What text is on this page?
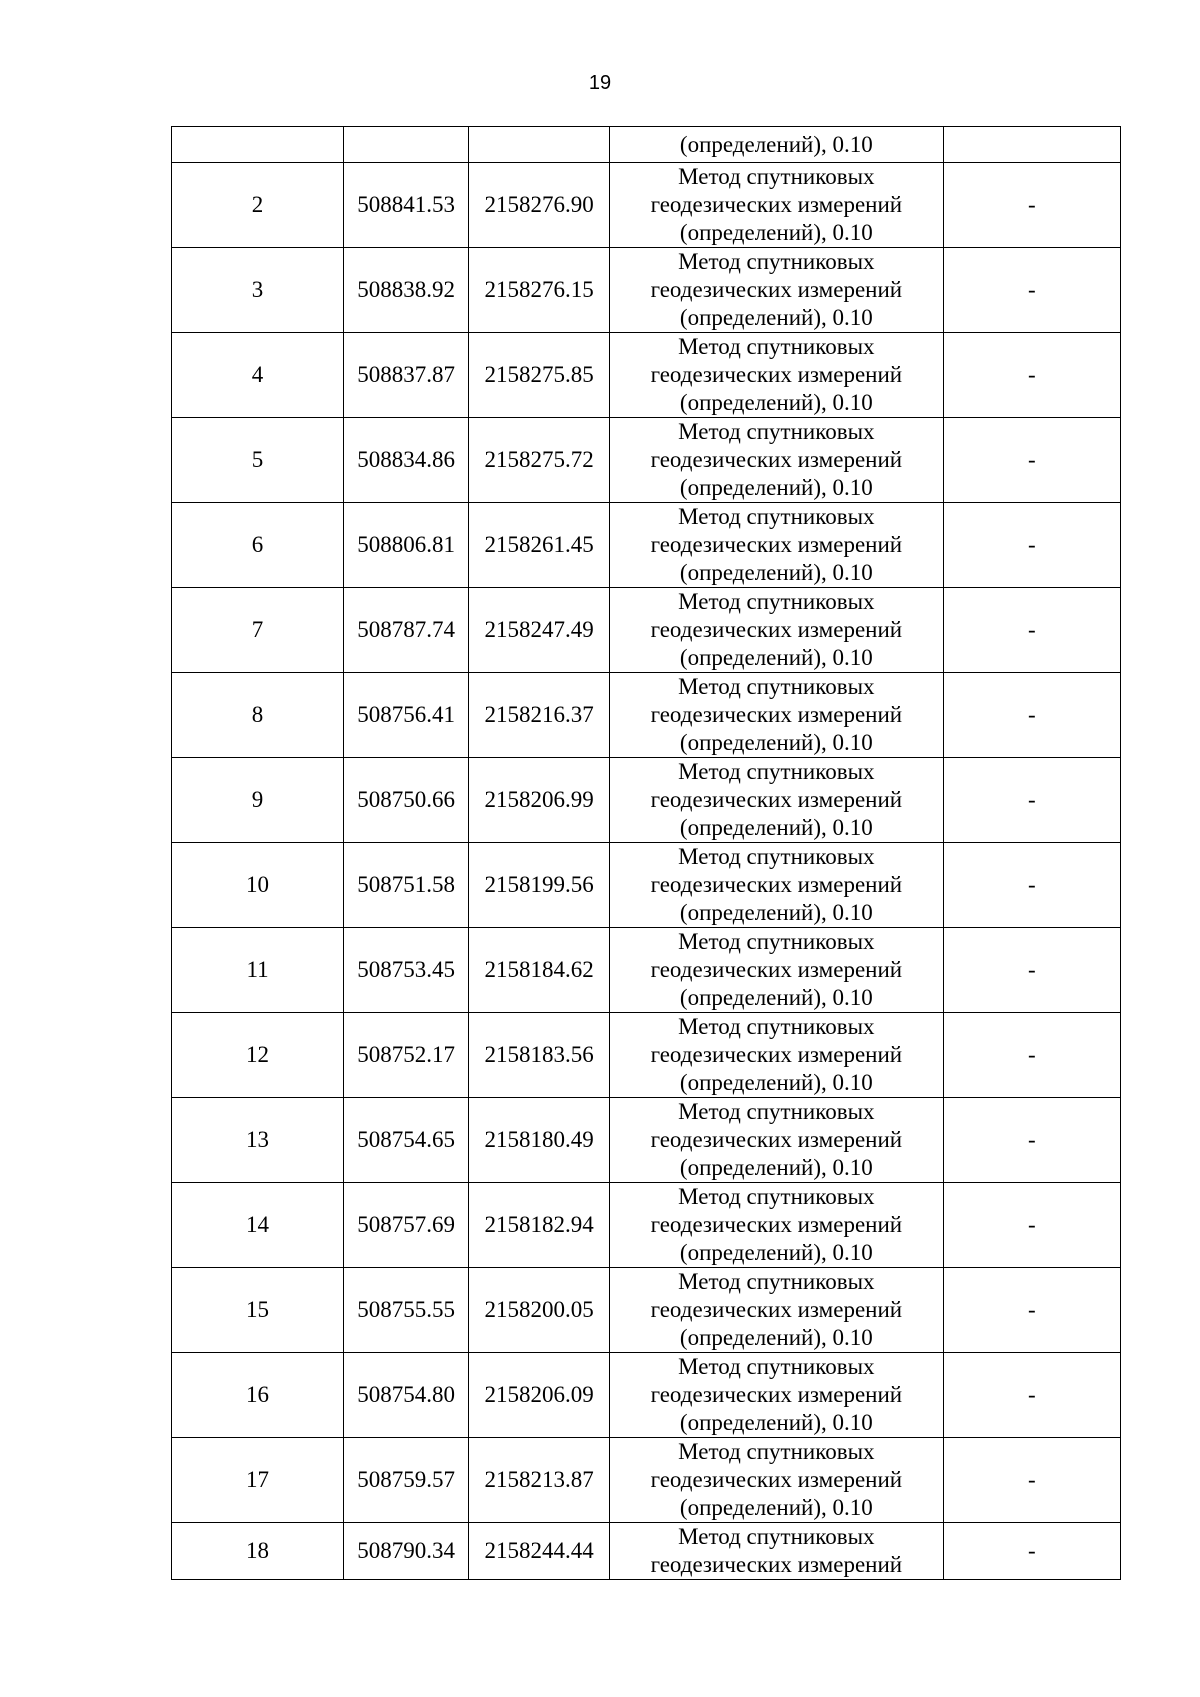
19
			(определений), 0.10	
2	508841.53	2158276.90	Метод спутниковых
геодезических измерений
(определений), 0.10	-
3	508838.92	2158276.15	Метод спутниковых
геодезических измерений
(определений), 0.10	-
4	508837.87	2158275.85	Метод спутниковых
геодезических измерений
(определений), 0.10	-
5	508834.86	2158275.72	Метод спутниковых
геодезических измерений
(определений), 0.10	-
6	508806.81	2158261.45	Метод спутниковых
геодезических измерений
(определений), 0.10	-
7	508787.74	2158247.49	Метод спутниковых
геодезических измерений
(определений), 0.10	-
8	508756.41	2158216.37	Метод спутниковых
геодезических измерений
(определений), 0.10	-
9	508750.66	2158206.99	Метод спутниковых
геодезических измерений
(определений), 0.10	-
10	508751.58	2158199.56	Метод спутниковых
геодезических измерений
(определений), 0.10	-
11	508753.45	2158184.62	Метод спутниковых
геодезических измерений
(определений), 0.10	-
12	508752.17	2158183.56	Метод спутниковых
геодезических измерений
(определений), 0.10	-
13	508754.65	2158180.49	Метод спутниковых
геодезических измерений
(определений), 0.10	-
14	508757.69	2158182.94	Метод спутниковых
геодезических измерений
(определений), 0.10	-
15	508755.55	2158200.05	Метод спутниковых
геодезических измерений
(определений), 0.10	-
16	508754.80	2158206.09	Метод спутниковых
геодезических измерений
(определений), 0.10	-
17	508759.57	2158213.87	Метод спутниковых
геодезических измерений
(определений), 0.10	-
18	508790.34	2158244.44	Метод спутниковых
геодезических измерений	-
